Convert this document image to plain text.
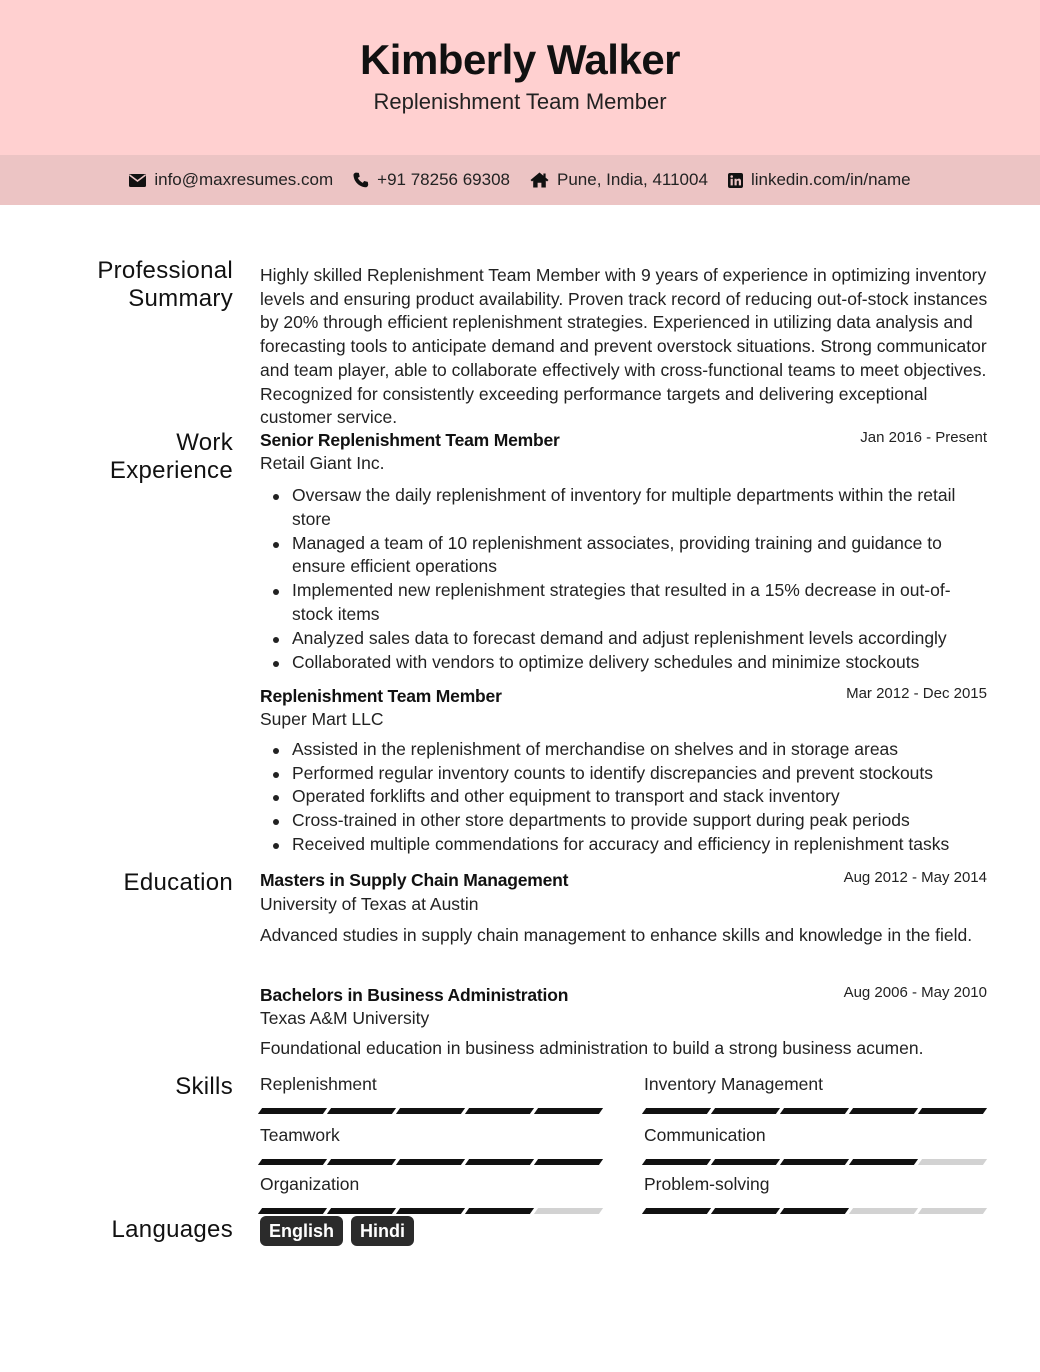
Kimberly Walker
Replenishment Team Member
info@maxresumes.com	+91 78256 69308	Pune, India, 411004	linkedin.com/in/name
Professional
Summary
Highly skilled Replenishment Team Member with 9 years of experience in optimizing inventory levels and ensuring product availability. Proven track record of reducing out-of-stock instances by 20% through efficient replenishment strategies. Experienced in utilizing data analysis and forecasting tools to anticipate demand and prevent overstock situations. Strong communicator and team player, able to collaborate effectively with cross-functional teams to meet objectives. Recognized for consistently exceeding performance targets and delivering exceptional customer service.
Work
Experience
Senior Replenishment Team Member	Jan 2016 - Present
Retail Giant Inc.
Oversaw the daily replenishment of inventory for multiple departments within the retail store
Managed a team of 10 replenishment associates, providing training and guidance to ensure efficient operations
Implemented new replenishment strategies that resulted in a 15% decrease in out-of-stock items
Analyzed sales data to forecast demand and adjust replenishment levels accordingly
Collaborated with vendors to optimize delivery schedules and minimize stockouts
Replenishment Team Member	Mar 2012 - Dec 2015
Super Mart LLC
Assisted in the replenishment of merchandise on shelves and in storage areas
Performed regular inventory counts to identify discrepancies and prevent stockouts
Operated forklifts and other equipment to transport and stack inventory
Cross-trained in other store departments to provide support during peak periods
Received multiple commendations for accuracy and efficiency in replenishment tasks
Education Masters in Supply Chain Management	Aug 2012 - May 2014
University of Texas at Austin
Advanced studies in supply chain management to enhance skills and knowledge in the field.
Bachelors in Business Administration	Aug 2006 - May 2010
Texas A&M University
Foundational education in business administration to build a strong business acumen.
Skills Replenishment	Inventory Management
Teamwork	Communication
Organization	Problem-solving
Languages	English	Hindi
